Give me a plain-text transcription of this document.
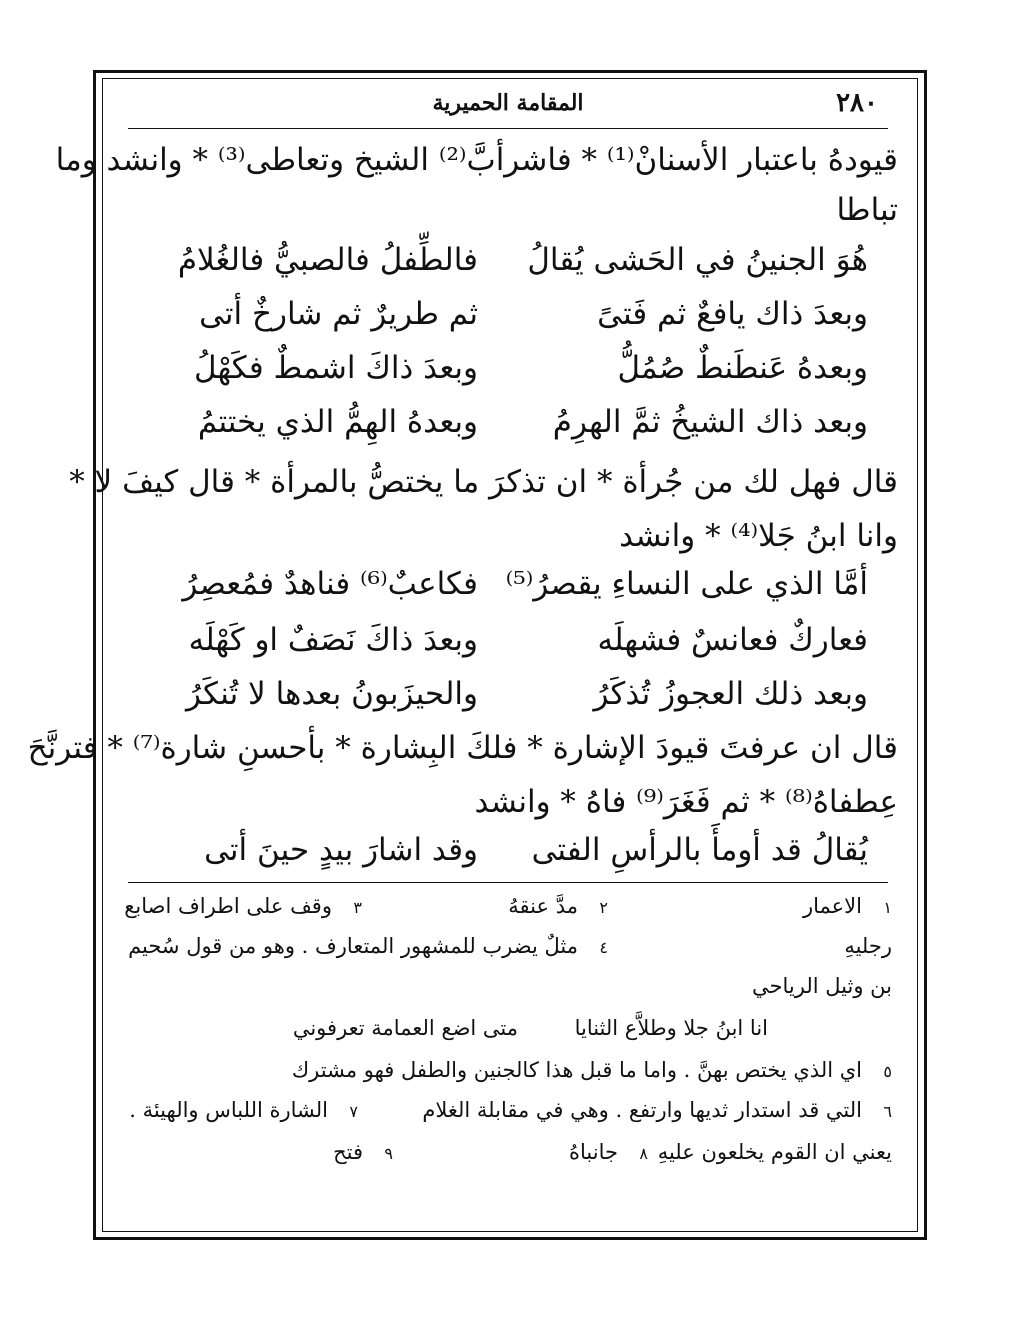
المقامة الحميرية	٢٨٠
قيودهُ باعتبار الأسنانْ⁽¹⁾ * فاشرأبَّ⁽²⁾ الشيخ وتعاطى⁽³⁾ * وانشد وما
تباطا
هُوَ الجنينُ في الحَشى يُقالُ
فالطِّفلُ فالصبيُّ فالغُلامُ
وبعدَ ذاك يافعٌ ثم فَتىً
ثم طريرٌ ثم شارخٌ أتى
وبعدهُ عَنطَنطٌ صُمُلُّ
وبعدَ ذاكَ اشمطٌ فكَهْلُ
وبعد ذاك الشيخُ ثمَّ الهرِمُ
وبعدهُ الهِمُّ الذي يختتمُ
قال فهل لك من جُرأة * ان تذكرَ ما يختصُّ بالمرأة * قال كيفَ لا *
وانا ابنُ جَلا⁽⁴⁾ * وانشد
أمَّا الذي على النساءِ يقصرُ⁽⁵⁾
فكاعبٌ⁽⁶⁾ فناهدٌ فمُعصِرُ
فعاركٌ فعانسٌ فشهلَه
وبعدَ ذاكَ نَصَفٌ او كَهْلَه
وبعد ذلك العجوزُ تُذكَرُ
والحيزَبونُ بعدها لا تُنكَرُ
قال ان عرفتَ قيودَ الإشارة * فلكَ البِشارة * بأحسنِ شارة⁽⁷⁾ * فترنَّحَ
عِطفاهُ⁽⁸⁾ * ثم فَغَرَ⁽⁹⁾ فاهُ * وانشد
يُقالُ قد أومأَ بالرأسِ الفتى
وقد اشارَ بيدٍ حينَ أتى
١الاعمار
٢مدَّ عنقهُ
٣وقف على اطراف اصابع
رجليهِ
٤مثلٌ يضرب للمشهور المتعارف . وهو من قول سُحيم
بن وثيل الرياحي
انا ابنُ جلا وطلاَّع الثنايا
متى اضع العمامة تعرفوني
٥اي الذي يختص بهنَّ . واما ما قبل هذا كالجنين والطفل فهو مشترك
٦التي قد استدار ثديها وارتفع . وهي في مقابلة الغلام
٧الشارة اللباس والهيئة .
يعني ان القوم يخلعون عليهِ
٨جانباهُ
٩فتح
